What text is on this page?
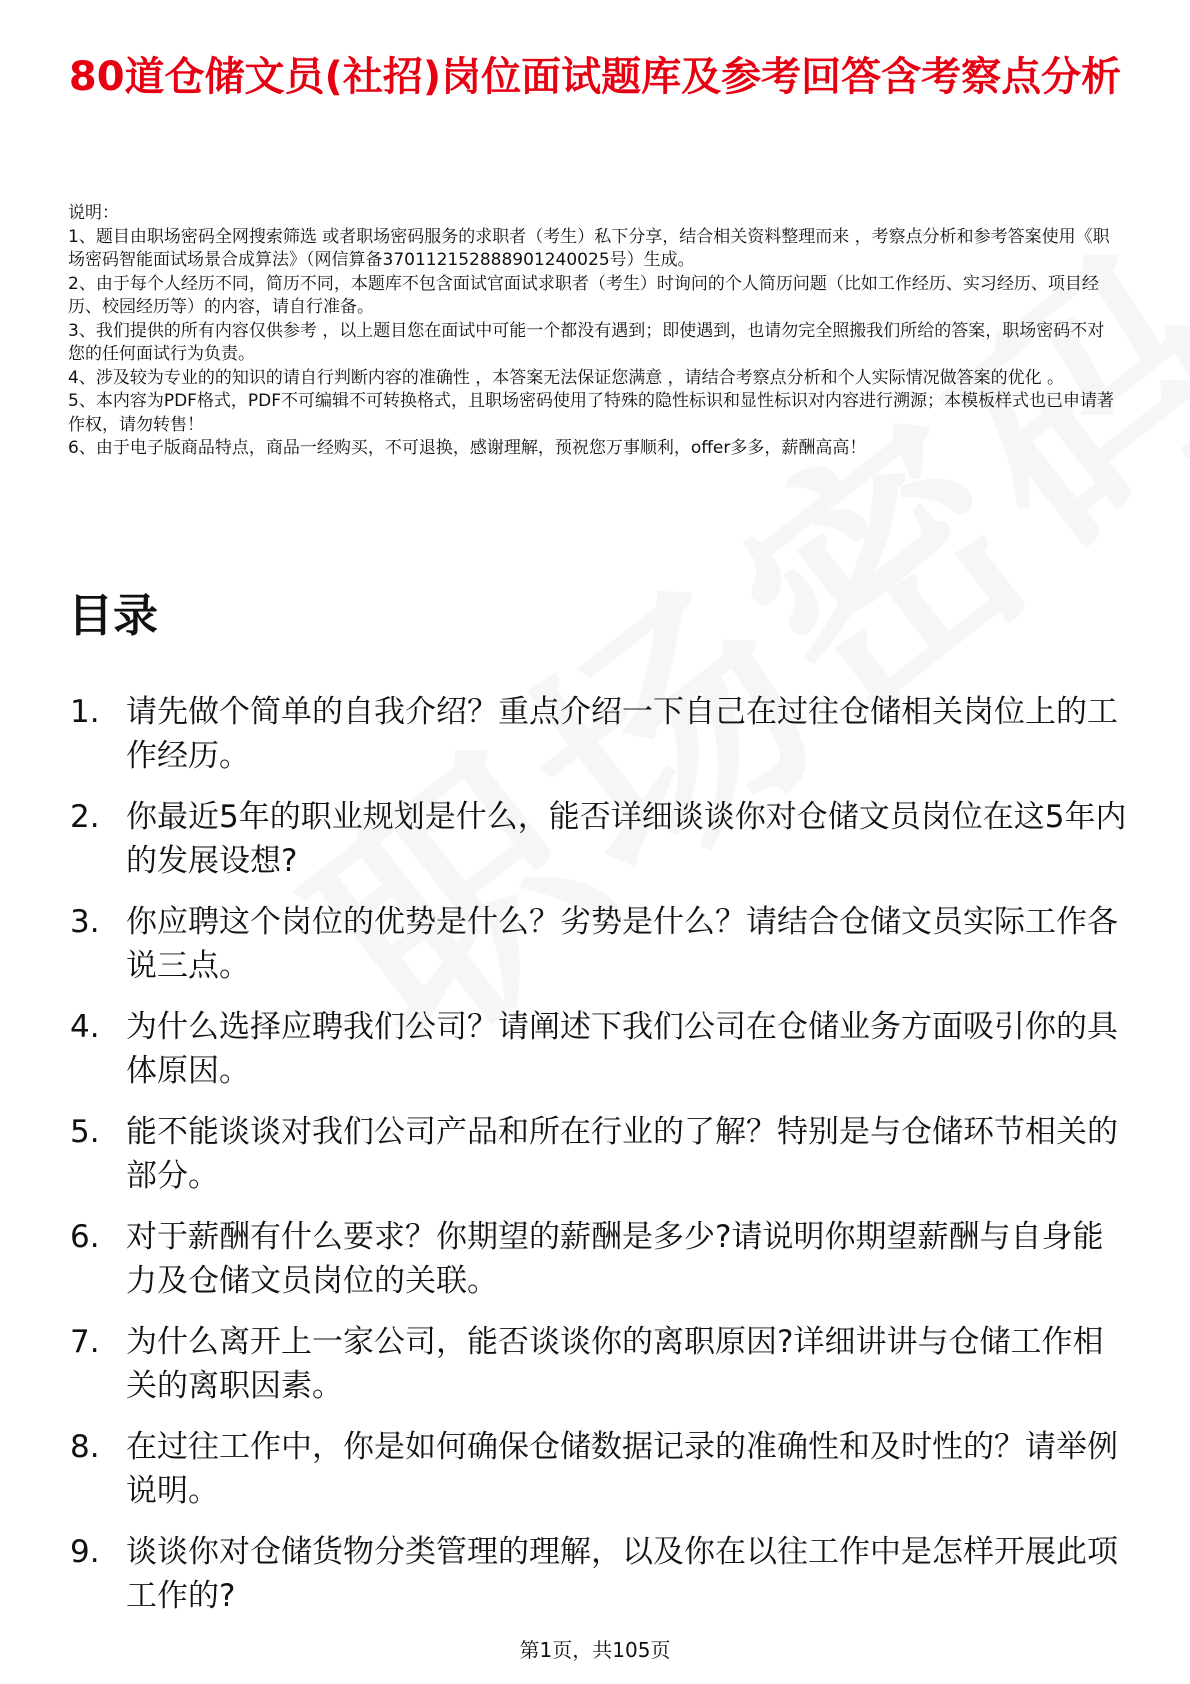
80道仓储文员(社招)岗位面试题库及参考回答含考察点分析

说明：

1、题目由职场密码全网搜索筛选 或者职场密码服务的求职者（考生）私下分享，结合相关资料整理而来 ，考察点分析和参考答案使用《职场密码智能面试场景合成算法》（网信算备370112152888901240025号）生成。

2、由于每个人经历不同，简历不同，本题库不包含面试官面试求职者（考生）时询问的个人简历问题（比如工作经历、实习经历、项目经历、校园经历等）的内容，请自行准备。

3、我们提供的所有内容仅供参考 ，以上题目您在面试中可能一个都没有遇到；即使遇到，也请勿完全照搬我们所给的答案，职场密码不对您的任何面试行为负责。

4、涉及较为专业的的知识的请自行判断内容的准确性 ，本答案无法保证您满意 ，请结合考察点分析和个人实际情况做答案的优化 。

5、本内容为PDF格式，PDF不可编辑不可转换格式，且职场密码使用了特殊的隐性标识和显性标识对内容进行溯源；本模板样式也已申请著作权，请勿转售！

6、由于电子版商品特点，商品一经购买，不可退换，感谢理解，预祝您万事顺利，offer多多，薪酬高高！

目录
1. 请先做个简单的自我介绍？重点介绍一下自己在过往仓储相关岗位上的工作经历。
2. 你最近5年的职业规划是什么，能否详细谈谈你对仓储文员岗位在这5年内的发展设想?
3. 你应聘这个岗位的优势是什么？劣势是什么？请结合仓储文员实际工作各说三点。
4. 为什么选择应聘我们公司？请阐述下我们公司在仓储业务方面吸引你的具体原因。
5. 能不能谈谈对我们公司产品和所在行业的了解？特别是与仓储环节相关的部分。
6. 对于薪酬有什么要求？你期望的薪酬是多少?请说明你期望薪酬与自身能力及仓储文员岗位的关联。
7. 为什么离开上一家公司，能否谈谈你的离职原因?详细讲讲与仓储工作相关的离职因素。
8. 在过往工作中，你是如何确保仓储数据记录的准确性和及时性的？请举例说明。
9. 谈谈你对仓储货物分类管理的理解，以及你在以往工作中是怎样开展此项工作的?
第1页，共105页
